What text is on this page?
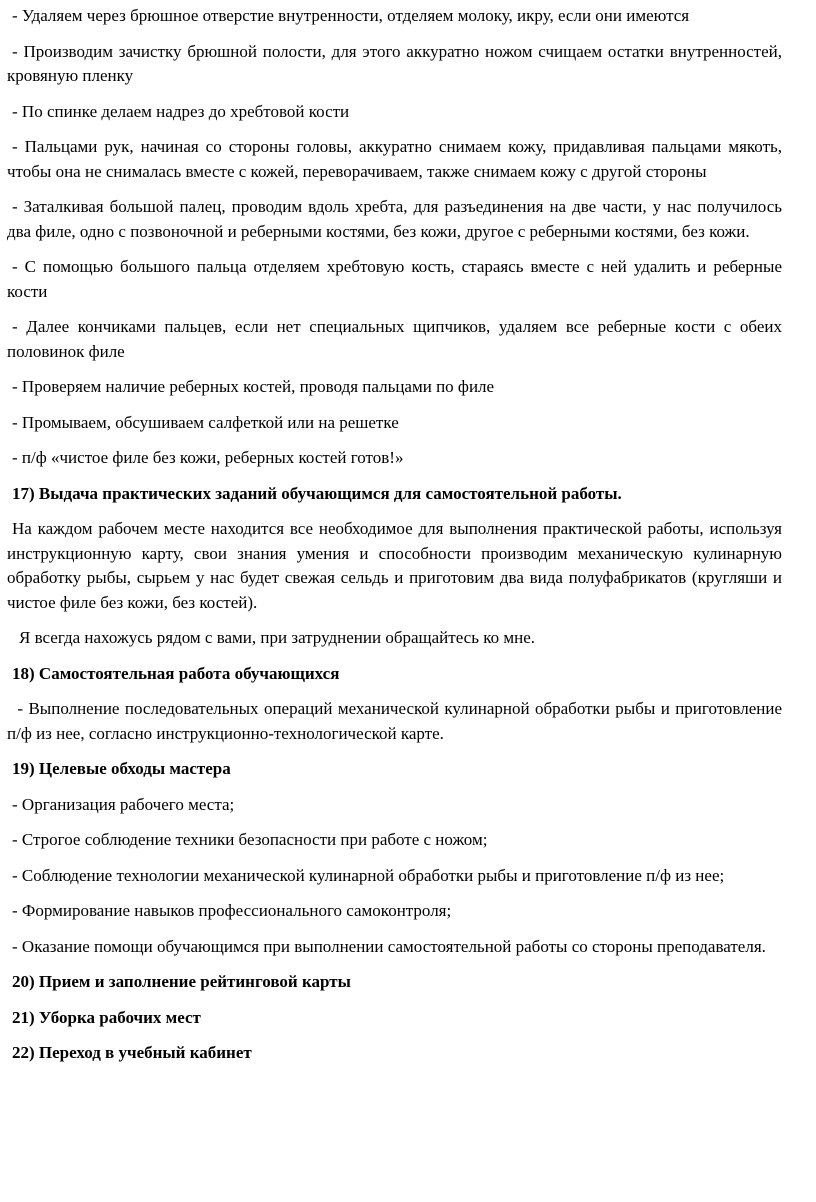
- Удаляем через брюшное отверстие внутренности, отделяем молоку, икру, если они имеются

- Производим зачистку брюшной полости, для этого аккуратно ножом счищаем остатки внутренностей, кровяную пленку

- По спинке делаем надрез до хребтовой кости

- Пальцами рук, начиная со стороны головы, аккуратно снимаем кожу, придавливая пальцами мякоть, чтобы она не снималась вместе с кожей, переворачиваем, также снимаем кожу с другой стороны

- Заталкивая большой палец, проводим вдоль хребта, для разъединения на две части, у нас получилось два филе, одно с позвоночной и реберными костями, без кожи, другое с реберными костями, без кожи.

- С помощью большого пальца отделяем хребтовую кость, стараясь вместе с ней удалить и реберные кости

- Далее кончиками пальцев, если нет специальных щипчиков, удаляем все реберные кости с обеих половинок филе

- Проверяем наличие реберных костей, проводя пальцами по филе

- Промываем, обсушиваем салфеткой или на решетке

- п/ф «чистое филе без кожи, реберных костей готов!»

17) Выдача практических заданий обучающимся для самостоятельной работы.

На каждом рабочем месте находится все необходимое для выполнения практической работы, используя инструкционную карту, свои знания умения и способности производим механическую кулинарную обработку рыбы, сырьем у нас будет свежая сельдь и приготовим два вида полуфабрикатов (кругляши и чистое филе без кожи, без костей).

Я всегда нахожусь рядом с вами, при затруднении обращайтесь ко мне.

18) Самостоятельная работа обучающихся

- Выполнение последовательных операций механической кулинарной обработки рыбы и приготовление  п/ф из нее, согласно инструкционно-технологической карте.

19) Целевые обходы мастера

- Организация рабочего места;

- Строгое соблюдение техники безопасности при работе с ножом;

- Соблюдение технологии механической кулинарной обработки рыбы и приготовление п/ф из нее;

- Формирование навыков профессионального самоконтроля;

- Оказание помощи обучающимся при выполнении самостоятельной работы со стороны преподавателя.

20) Прием и заполнение рейтинговой карты

21) Уборка рабочих мест

22) Переход в учебный кабинет
